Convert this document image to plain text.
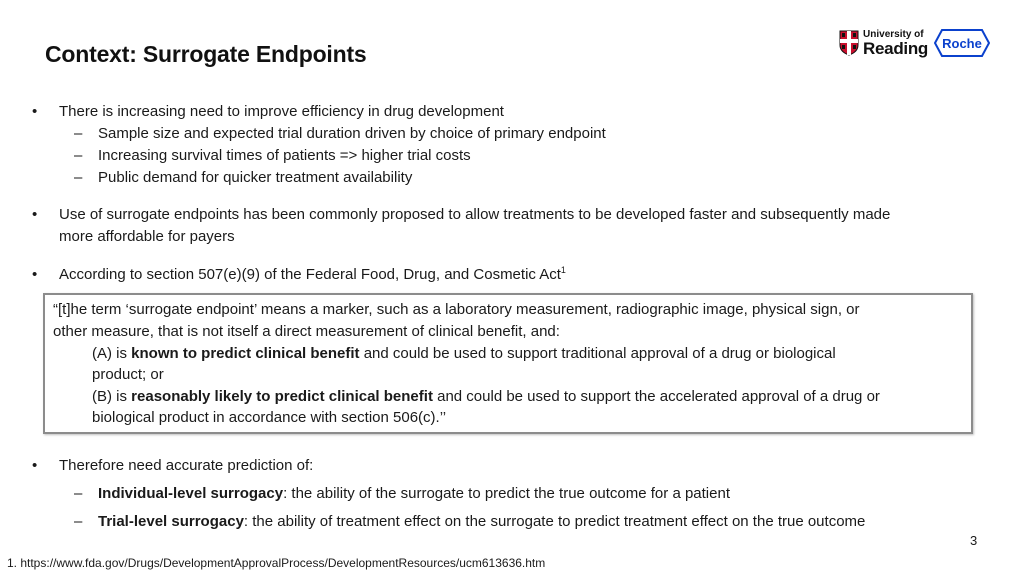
Context: Surrogate Endpoints
University of
Reading Roche
• There is increasing need to improve efficiency in drug development
– Sample size and expected trial duration driven by choice of primary endpoint
– Increasing survival times of patients => higher trial costs
– Public demand for quicker treatment availability
• Use of surrogate endpoints has been commonly proposed to allow treatments to be developed faster and subsequently made
more affordable for payers
• According to section 507(e)(9) of the Federal Food, Drug, and Cosmetic Act$^1$
“[t]he term ‘surrogate endpoint’ means a marker, such as a laboratory measurement, radiographic image, physical sign, or
other measure, that is not itself a direct measurement of clinical benefit, and:
(A) is known to predict clinical benefit and could be used to support traditional approval of a drug or biological
product; or
(B) is reasonably likely to predict clinical benefit and could be used to support the accelerated approval of a drug or
biological product in accordance with section 506(c).’’
• Therefore need accurate prediction of:
– Individual-level surrogacy: the ability of the surrogate to predict the true outcome for a patient
– Trial-level surrogacy: the ability of treatment effect on the surrogate to predict treatment effect on the true outcome
3
1. https://www.fda.gov/Drugs/DevelopmentApprovalProcess/DevelopmentResources/ucm613636.htm
